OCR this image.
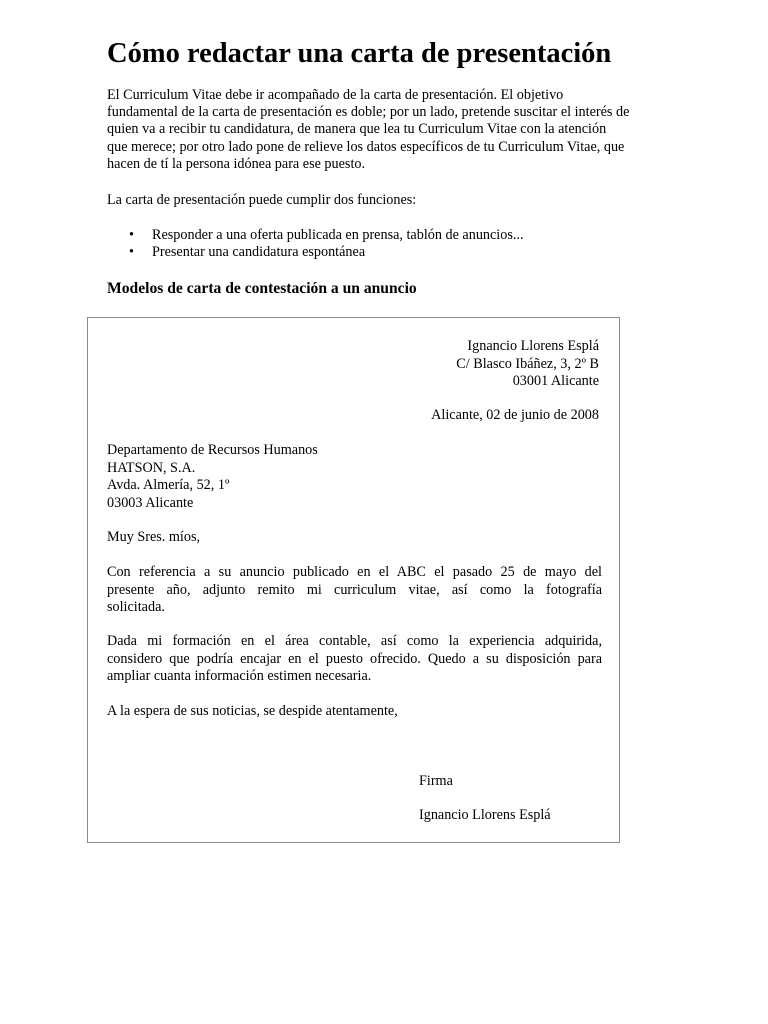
Cómo redactar una carta de presentación

El Curriculum Vitae debe ir acompañado de la carta de presentación. El objetivo
fundamental de la carta de presentación es doble; por un lado, pretende suscitar el interés de
quien va a recibir tu candidatura, de manera que lea tu Curriculum Vitae con la atención
que merece; por otro lado pone de relieve los datos específicos de tu Curriculum Vitae, que
hacen de tí la persona idónea para ese puesto.

La carta de presentación puede cumplir dos funciones:

• Responder a una oferta publicada en prensa, tablón de anuncios...
• Presentar una candidatura espontánea
Modelos de carta de contestación a un anuncio
Ignancio Llorens Esplá
C/ Blasco Ibáñez, 3, 2º B
03001 Alicante
Alicante, 02 de junio de 2008
Departamento de Recursos Humanos
HATSON, S.A.
Avda. Almería, 52, 1º
03003 Alicante
Muy Sres. míos,
Con referencia a su anuncio publicado en el ABC el pasado 25 de mayo del
presente año, adjunto remito mi curriculum vitae, así como la fotografía
solicitada.
Dada mi formación en el área contable, así como la experiencia adquirida,
considero que podría encajar en el puesto ofrecido. Quedo a su disposición para
ampliar cuanta información estimen necesaria.
A la espera de sus noticias, se despide atentamente,
Firma
Ignancio Llorens Esplá
